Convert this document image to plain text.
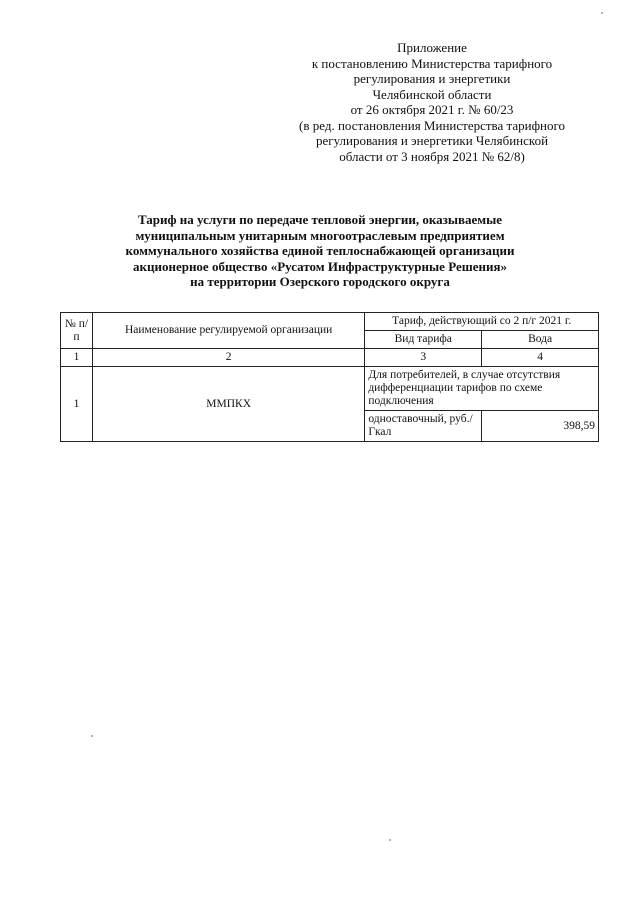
Приложение
к постановлению Министерства тарифного
регулирования и энергетики
Челябинской области
от 26 октября 2021 г. № 60/23
(в ред. постановления Министерства тарифного
регулирования и энергетики Челябинской
области от 3 ноября 2021 № 62/8)
Тариф на услуги по передаче тепловой энергии, оказываемые
муниципальным унитарным многоотраслевым предприятием
коммунального хозяйства единой теплоснабжающей организации
акционерное общество «Русатом Инфраструктурные Решения»
на территории Озерского городского округа
№ п/п	Наименование регулируемой организации	Тариф, действующий со 2 п/г 2021 г.	
		Вид тарифа	Вода
1	2	3	4
1	ММПКХ	Для потребителей, в случае отсутствия дифференциации тарифов по схеме подключения	
		одноставочный, руб./Гкал	398,59
